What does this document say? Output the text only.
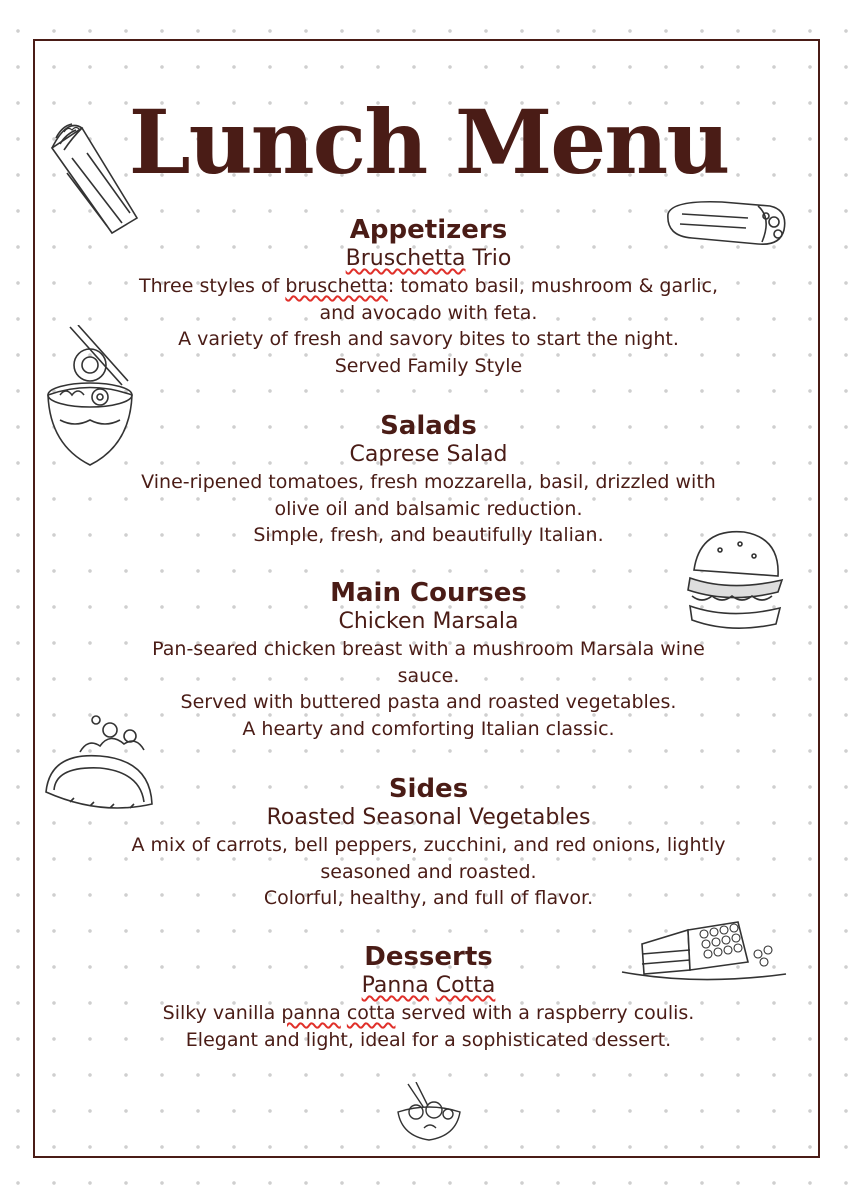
Lunch Menu
Appetizers

Bruschetta Trio

Three styles of bruschetta: tomato basil, mushroom & garlic,

and avocado with feta.

A variety of fresh and savory bites to start the night.

Served Family Style

Salads

Caprese Salad

Vine-ripened tomatoes, fresh mozzarella, basil, drizzled with

olive oil and balsamic reduction.

Simple, fresh, and beautifully Italian.

Main Courses

Chicken Marsala

Pan-seared chicken breast with a mushroom Marsala wine

sauce.

Served with buttered pasta and roasted vegetables.

A hearty and comforting Italian classic.

Sides

Roasted Seasonal Vegetables

A mix of carrots, bell peppers, zucchini, and red onions, lightly

seasoned and roasted.

Colorful, healthy, and full of flavor.

Desserts

Panna Cotta

Silky vanilla panna cotta served with a raspberry coulis.

Elegant and light, ideal for a sophisticated dessert.
